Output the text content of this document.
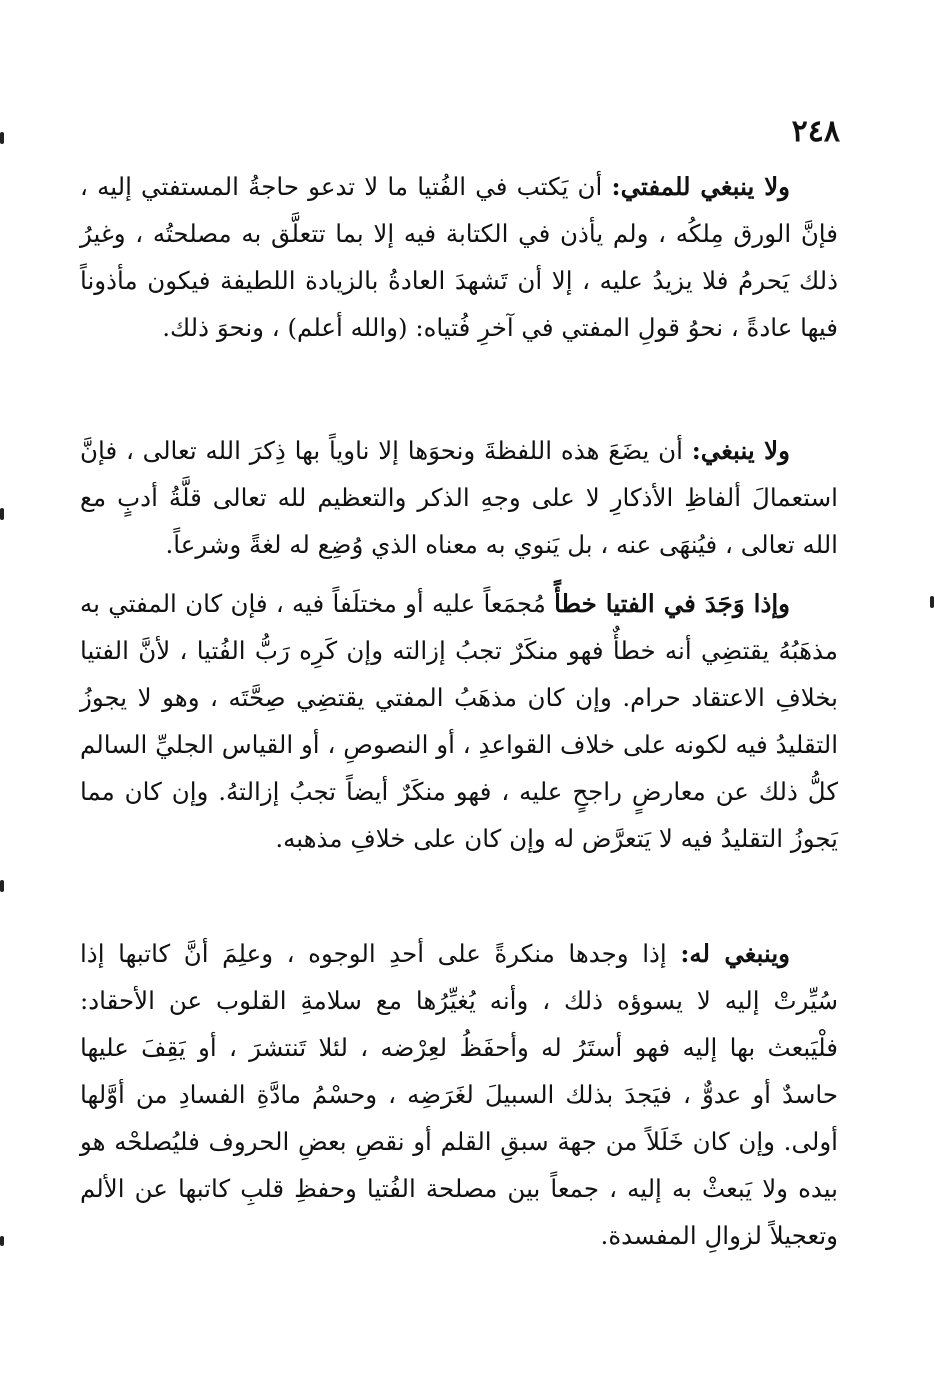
٢٤٨

ولا ينبغي للمفتي: أن يَكتب في الفُتيا ما لا تدعو حاجةُ المستفتي إليه ، فإنَّ الورق مِلكُه ، ولم يأذن في الكتابة فيه إلا بما تتعلَّق به مصلحتُه ، وغيرُ ذلك يَحرمُ فلا يزيدُ عليه ، إلا أن تَشهدَ العادةُ بالزيادة اللطيفة فيكون مأذوناً فيها عادةً ، نحوُ قولِ المفتي في آخرِ فُتياه: (والله أعلم) ، ونحوَ ذلك.

ولا ينبغي: أن يضَعَ هذه اللفظةَ ونحوَها إلا ناوياً بها ذِكرَ الله تعالى ، فإنَّ استعمالَ ألفاظِ الأذكارِ لا على وجهِ الذكر والتعظيم لله تعالى قلَّةُ أدبٍ مع الله تعالى ، فيُنهَى عنه ، بل يَنوي به معناه الذي وُضِع له لغةً وشرعاً.

وإذا وَجَدَ في الفتيا خطأً مُجمَعاً عليه أو مختلَفاً فيه ، فإن كان المفتي به مذهَبُهُ يقتضِي أنه خطأٌ فهو منكَرٌ تجبُ إزالته وإن كَرِه رَبُّ الفُتيا ، لأنَّ الفتيا بخلافِ الاعتقاد حرام. وإن كان مذهَبُ المفتي يقتضِي صِحَّتَه ، وهو لا يجوزُ التقليدُ فيه لكونه على خلاف القواعدِ ، أو النصوصِ ، أو القياس الجليِّ السالم كلُّ ذلك عن معارضٍ راجحٍ عليه ، فهو منكَرٌ أيضاً تجبُ إزالتهُ. وإن كان مما يَجوزُ التقليدُ فيه لا يَتعرَّض له وإن كان على خلافِ مذهبه.

وينبغي له: إذا وجدها منكرةً على أحدِ الوجوه ، وعلِمَ أنَّ كاتبها إذا سُيِّرتْ إليه لا يسوؤه ذلك ، وأنه يُغيِّرُها مع سلامةِ القلوب عن الأحقاد: فلْيَبعث بها إليه فهو أستَرُ له وأحفَظُ لعِرْضه ، لئلا تَنتشرَ ، أو يَقِفَ عليها حاسدٌ أو عدوٌّ ، فيَجدَ بذلك السبيلَ لغَرَضِه ، وحسْمُ مادَّةِ الفسادِ من أوَّلها أولى. وإن كان خَلَلاً من جهة سبقِ القلم أو نقصِ بعضِ الحروف فليُصلحْه هو بيده ولا يَبعثْ به إليه ، جمعاً بين مصلحة الفُتيا وحفظِ قلبِ كاتبها عن الألم وتعجيلاً لزوالِ المفسدة.
